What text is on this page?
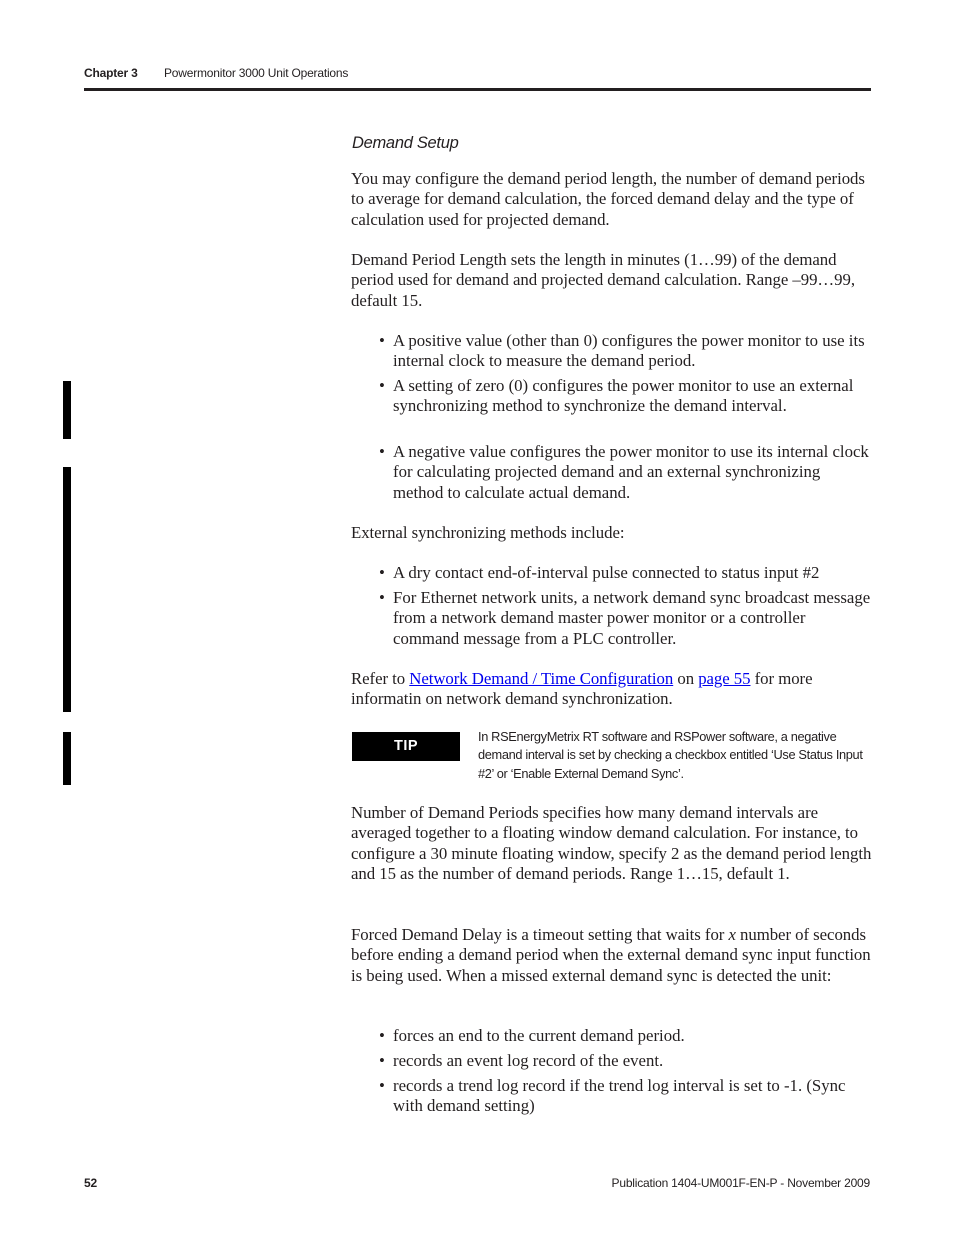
Chapter 3 Powermonitor 3000 Unit Operations
Demand Setup

You may configure the demand period length, the number of demand periods to average for demand calculation, the forced demand delay and the type of calculation used for projected demand.

Demand Period Length sets the length in minutes (1…99) of the demand period used for demand and projected demand calculation. Range –99…99, default 15.

• A positive value (other than 0) configures the power monitor to use its internal clock to measure the demand period.
• A setting of zero (0) configures the power monitor to use an external synchronizing method to synchronize the demand interval.
• A negative value configures the power monitor to use its internal clock for calculating projected demand and an external synchronizing method to calculate actual demand.

External synchronizing methods include:

• A dry contact end-of-interval pulse connected to status input #2
• For Ethernet network units, a network demand sync broadcast message from a network demand master power monitor or a controller command message from a PLC controller.

Refer to Network Demand / Time Configuration on page 55 for more informatin on network demand synchronization.

TIP
In RSEnergyMetrix RT software and RSPower software, a negative demand interval is set by checking a checkbox entitled ‘Use Status Input #2’ or ‘Enable External Demand Sync’.

Number of Demand Periods specifies how many demand intervals are averaged together to a floating window demand calculation. For instance, to configure a 30 minute floating window, specify 2 as the demand period length and 15 as the number of demand periods. Range 1…15, default 1.

Forced Demand Delay is a timeout setting that waits for x number of seconds before ending a demand period when the external demand sync input function is being used. When a missed external demand sync is detected the unit:

• forces an end to the current demand period.
• records an event log record of the event.
• records a trend log record if the trend log interval is set to -1. (Sync with demand setting)
52	Publication 1404-UM001F-EN-P - November 2009
